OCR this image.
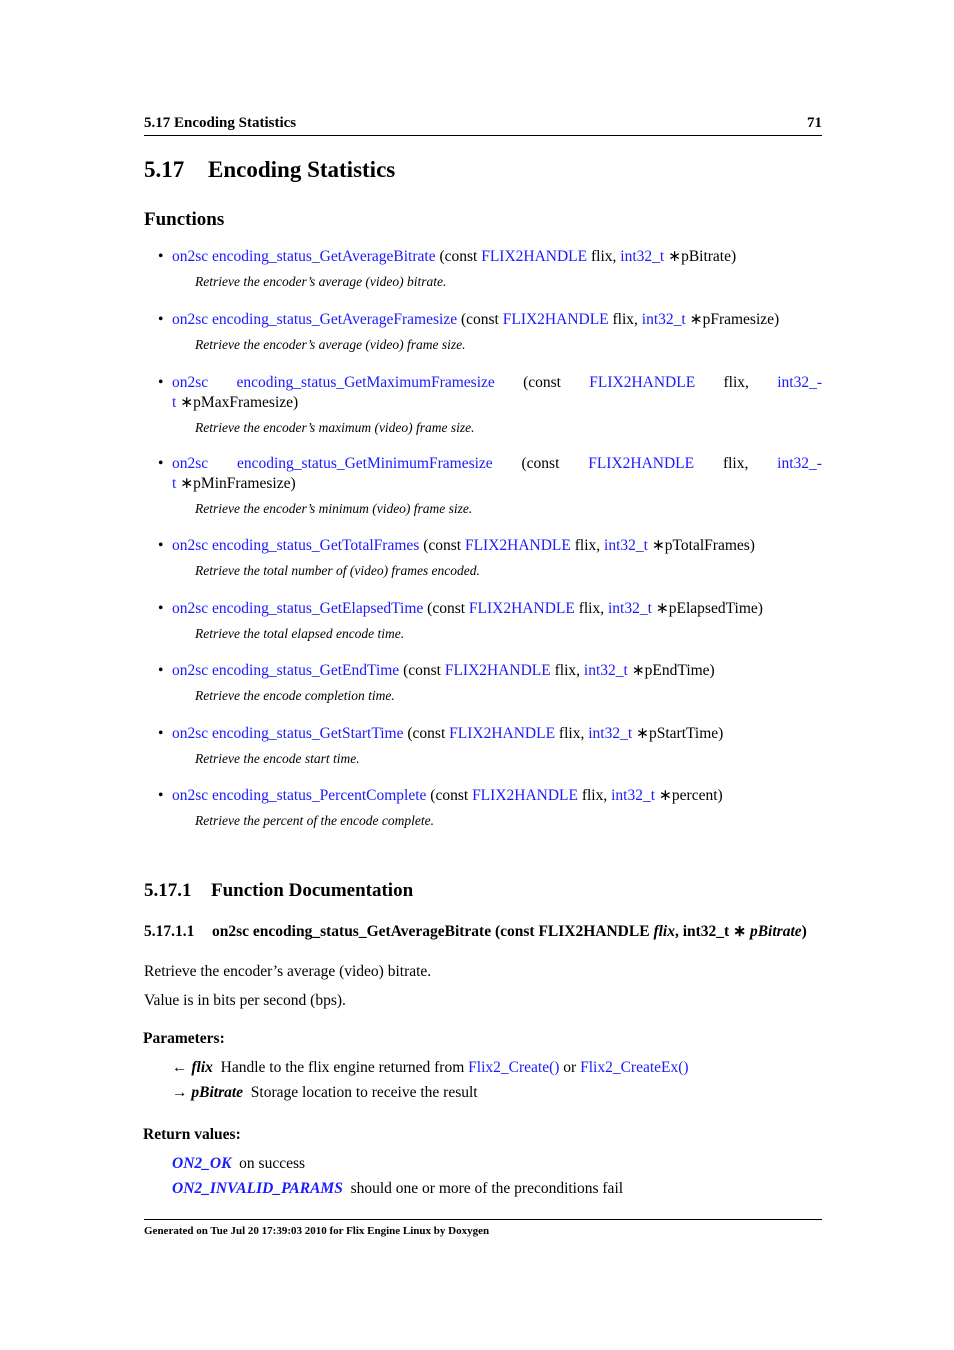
5.17 Encoding Statistics	71
5.17 Encoding Statistics
Functions
• on2sc encoding_status_GetAverageBitrate (const FLIX2HANDLE flix, int32_t ∗pBitrate)
Retrieve the encoder’s average (video) bitrate.
• on2sc encoding_status_GetAverageFramesize (const FLIX2HANDLE flix, int32_t ∗pFramesize)
Retrieve the encoder’s average (video) frame size.
• on2sc encoding_status_GetMaximumFramesize (const FLIX2HANDLE flix, int32_-
t ∗pMaxFramesize)
Retrieve the encoder’s maximum (video) frame size.
• on2sc encoding_status_GetMinimumFramesize (const FLIX2HANDLE flix, int32_-
t ∗pMinFramesize)
Retrieve the encoder’s minimum (video) frame size.
• on2sc encoding_status_GetTotalFrames (const FLIX2HANDLE flix, int32_t ∗pTotalFrames)
Retrieve the total number of (video) frames encoded.
• on2sc encoding_status_GetElapsedTime (const FLIX2HANDLE flix, int32_t ∗pElapsedTime)
Retrieve the total elapsed encode time.
• on2sc encoding_status_GetEndTime (const FLIX2HANDLE flix, int32_t ∗pEndTime)
Retrieve the encode completion time.
• on2sc encoding_status_GetStartTime (const FLIX2HANDLE flix, int32_t ∗pStartTime)
Retrieve the encode start time.
• on2sc encoding_status_PercentComplete (const FLIX2HANDLE flix, int32_t ∗percent)
Retrieve the percent of the encode complete.
5.17.1 Function Documentation
5.17.1.1 on2sc encoding_status_GetAverageBitrate (const FLIX2HANDLE flix, int32_t ∗ pBitrate)
Retrieve the encoder’s average (video) bitrate.
Value is in bits per second (bps).
Parameters:
← flix Handle to the flix engine returned from Flix2_Create() or Flix2_CreateEx()
→ pBitrate Storage location to receive the result
Return values:
ON2_OK on success
ON2_INVALID_PARAMS should one or more of the preconditions fail
Generated on Tue Jul 20 17:39:03 2010 for Flix Engine Linux by Doxygen
